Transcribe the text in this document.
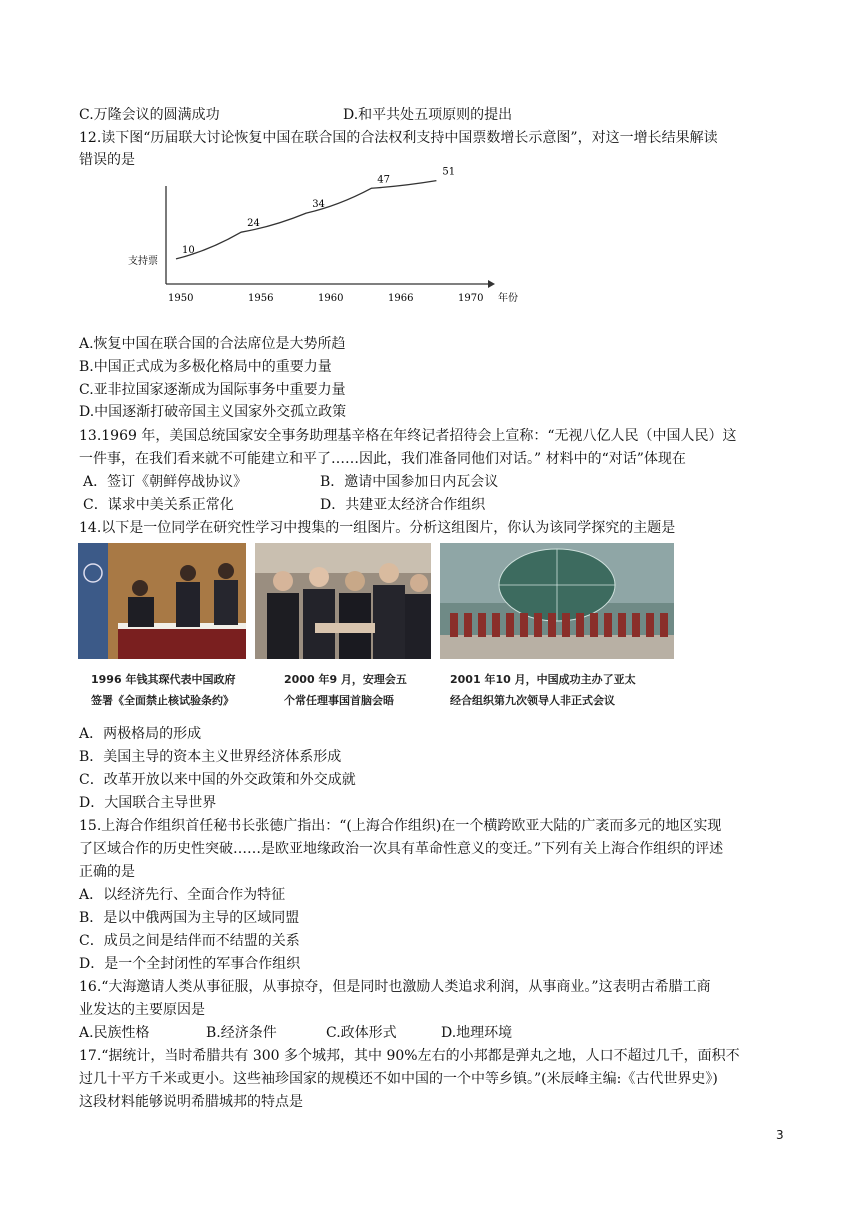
C.万隆会议的圆满成功	D.和平共处五项原则的提出
12.读下图“历届联大讨论恢复中国在联合国的合法权利支持中国票数增长示意图”，对这一增长结果解读
错误的是
支持票
年份
1950	1956	1960	1966	1970
10
24
34
47
51
A.恢复中国在联合国的合法席位是大势所趋
B.中国正式成为多极化格局中的重要力量
C.亚非拉国家逐渐成为国际事务中重要力量
D.中国逐渐打破帝国主义国家外交孤立政策
13.1969 年，美国总统国家安全事务助理基辛格在年终记者招待会上宣称：“无视八亿人民（中国人民）这
一件事，在我们看来就不可能建立和平了……因此，我们准备同他们对话。” 材料中的“对话”体现在
A．签订《朝鲜停战协议》	B．邀请中国参加日内瓦会议
C．谋求中美关系正常化	D．共建亚太经济合作组织
14.以下是一位同学在研究性学习中搜集的一组图片。分析这组图片，你认为该同学探究的主题是
1996 年钱其琛代表中国政府
签署《全面禁止核试验条约》
2000 年9 月，安理会五
个常任理事国首脑会晤
2001 年10 月，中国成功主办了亚太
经合组织第九次领导人非正式会议
A．两极格局的形成
B．美国主导的资本主义世界经济体系形成
C．改革开放以来中国的外交政策和外交成就
D．大国联合主导世界
15.上海合作组织首任秘书长张德广指出：“(上海合作组织)在一个横跨欧亚大陆的广袤而多元的地区实现
了区域合作的历史性突破……是欧亚地缘政治一次具有革命性意义的变迁。”下列有关上海合作组织的评述
正确的是
A．以经济先行、全面合作为特征
B．是以中俄两国为主导的区域同盟
C．成员之间是结伴而不结盟的关系
D．是一个全封闭性的军事合作组织
16.“大海邀请人类从事征服，从事掠夺，但是同时也激励人类追求利润，从事商业。”这表明古希腊工商
业发达的主要原因是
A.民族性格	B.经济条件	C.政体形式	D.地理环境
17.“据统计，当时希腊共有 300 多个城邦，其中 90%左右的小邦都是弹丸之地，人口不超过几千，面积不
过几十平方千米或更小。这些袖珍国家的规模还不如中国的一个中等乡镇。”(米辰峰主编:《古代世界史》)
这段材料能够说明希腊城邦的特点是
3
